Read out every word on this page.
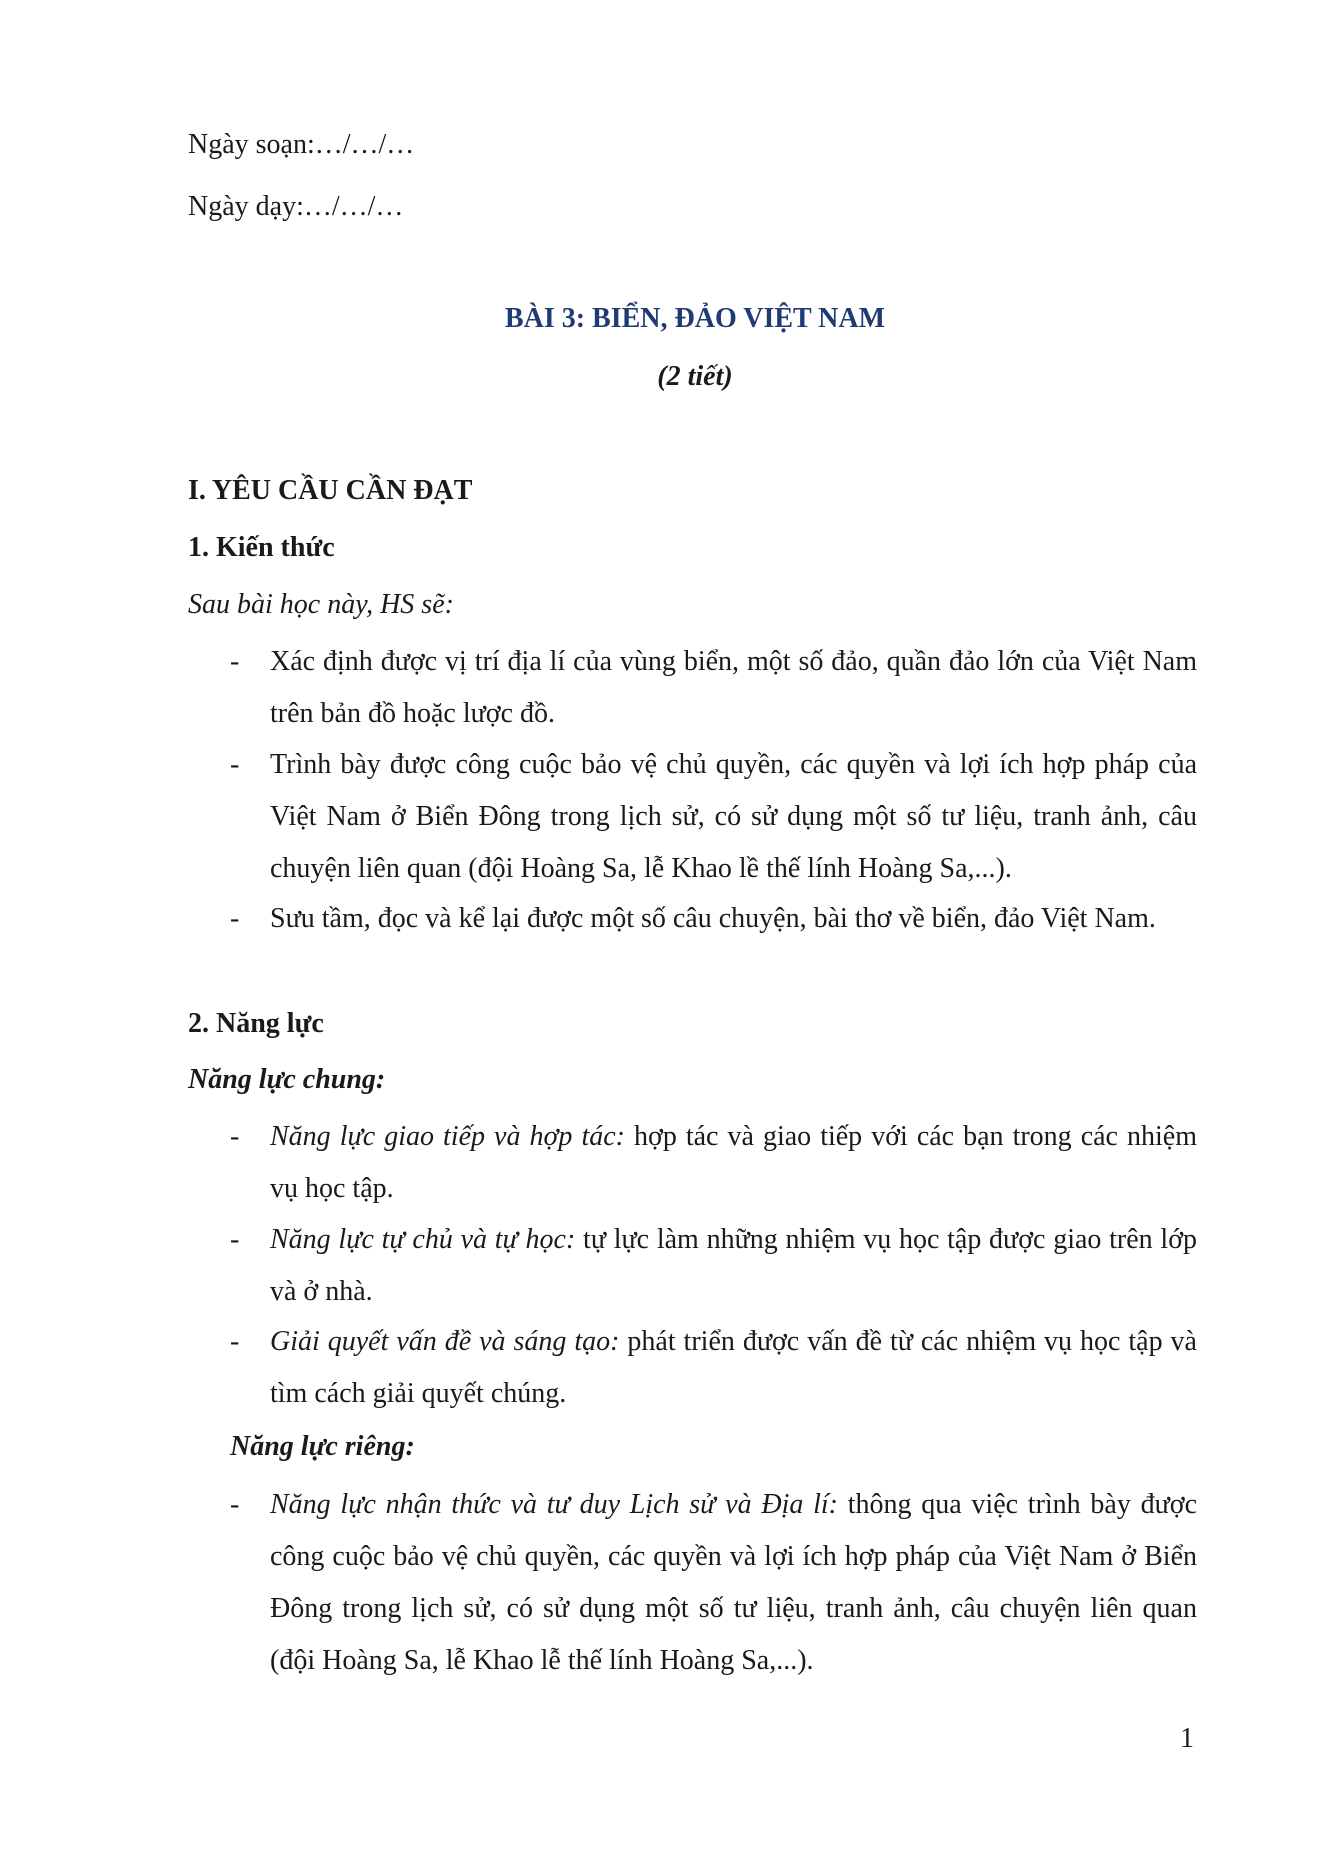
Ngày soạn:…/…/…
Ngày dạy:…/…/…
BÀI 3: BIỂN, ĐẢO VIỆT NAM
(2 tiết)
I. YÊU CẦU CẦN ĐẠT
1. Kiến thức
Sau bài học này, HS sẽ:
- Xác định được vị trí địa lí của vùng biển, một số đảo, quần đảo lớn của Việt Nam trên bản đồ hoặc lược đồ.
- Trình bày được công cuộc bảo vệ chủ quyền, các quyền và lợi ích hợp pháp của Việt Nam ở Biển Đông trong lịch sử, có sử dụng một số tư liệu, tranh ảnh, câu chuyện liên quan (đội Hoàng Sa, lễ Khao lề thế lính Hoàng Sa,...).
- Sưu tầm, đọc và kể lại được một số câu chuyện, bài thơ về biển, đảo Việt Nam.
2. Năng lực
Năng lực chung:
- Năng lực giao tiếp và hợp tác: hợp tác và giao tiếp với các bạn trong các nhiệm vụ học tập.
- Năng lực tự chủ và tự học: tự lực làm những nhiệm vụ học tập được giao trên lớp và ở nhà.
- Giải quyết vấn đề và sáng tạo: phát triển được vấn đề từ các nhiệm vụ học tập và tìm cách giải quyết chúng.
Năng lực riêng:
- Năng lực nhận thức và tư duy Lịch sử và Địa lí: thông qua việc trình bày được công cuộc bảo vệ chủ quyền, các quyền và lợi ích hợp pháp của Việt Nam ở Biển Đông trong lịch sử, có sử dụng một số tư liệu, tranh ảnh, câu chuyện liên quan (đội Hoàng Sa, lễ Khao lễ thế lính Hoàng Sa,...).
1
